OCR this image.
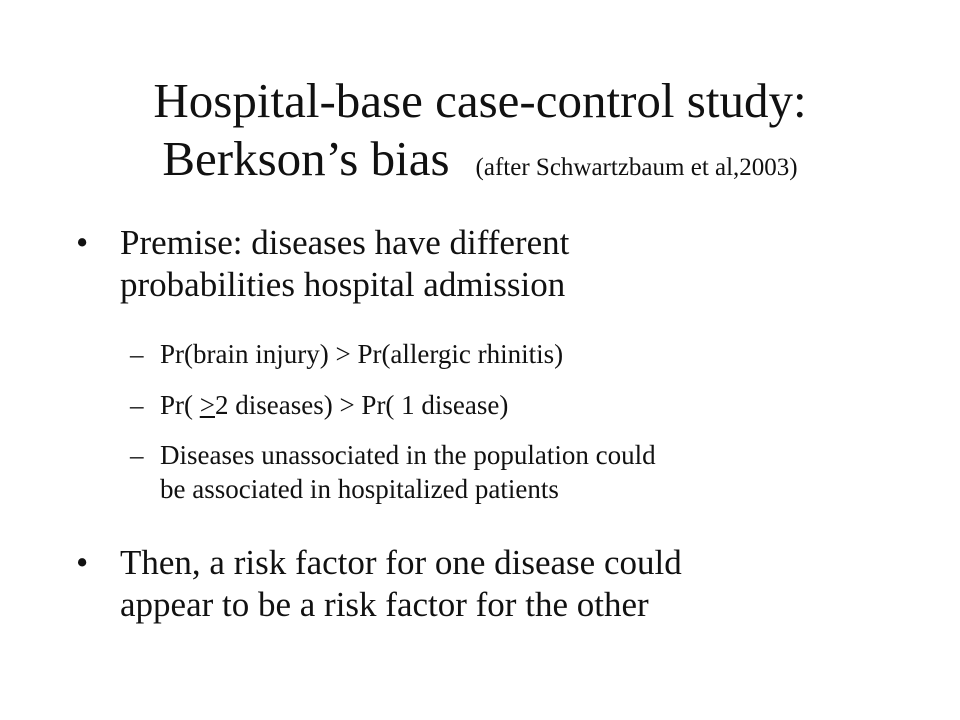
Hospital-base case-control study:
Berkson’s bias (after Schwartzbaum et al,2003)
• Premise: diseases have different
probabilities hospital admission
– Pr(brain injury) > Pr(allergic rhinitis)
– Pr( >2 diseases) > Pr( 1 disease)
– Diseases unassociated in the population could
be associated in hospitalized patients
• Then, a risk factor for one disease could
appear to be a risk factor for the other
